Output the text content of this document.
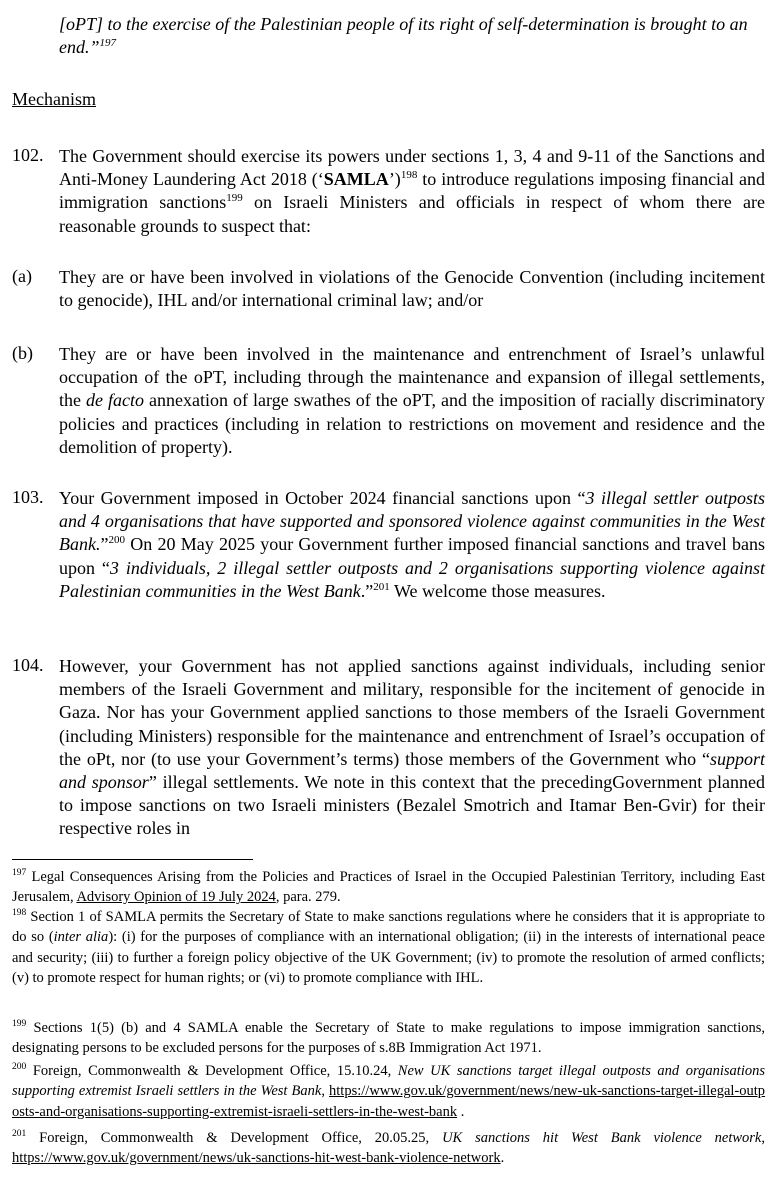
[oPT] to the exercise of the Palestinian people of its right of self-determination is brought to an end.”$^{197}$
Mechanism
102. The Government should exercise its powers under sections 1, 3, 4 and 9-11 of the Sanctions and Anti-Money Laundering Act 2018 (‘SAMLA’)$^{198}$ to introduce regulations imposing financial and immigration sanctions$^{199}$ on Israeli Ministers and officials in respect of whom there are reasonable grounds to suspect that:
(a) They are or have been involved in violations of the Genocide Convention (including incitement to genocide), IHL and/or international criminal law; and/or
(b) They are or have been involved in the maintenance and entrenchment of Israel’s unlawful occupation of the oPT, including through the maintenance and expansion of illegal settlements, the de facto annexation of large swathes of the oPT, and the imposition of racially discriminatory policies and practices (including in relation to restrictions on movement and residence and the demolition of property).
103. Your Government imposed in October 2024 financial sanctions upon “3 illegal settler outposts and 4 organisations that have supported and sponsored violence against communities in the West Bank.”$^{200}$ On 20 May 2025 your Government further imposed financial sanctions and travel bans upon “3 individuals, 2 illegal settler outposts and 2 organisations supporting violence against Palestinian communities in the West Bank.”$^{201}$ We welcome those measures.
104. However, your Government has not applied sanctions against individuals, including senior members of the Israeli Government and military, responsible for the incitement of genocide in Gaza. Nor has your Government applied sanctions to those members of the Israeli Government (including Ministers) responsible for the maintenance and entrenchment of Israel’s occupation of the oPt, nor (to use your Government’s terms) those members of the Government who “support and sponsor” illegal settlements. We note in this context that the precedingGovernment planned to impose sanctions on two Israeli ministers (Bezalel Smotrich and Itamar Ben-Gvir) for their respective roles in
$^{197}$ Legal Consequences Arising from the Policies and Practices of Israel in the Occupied Palestinian Territory, including East Jerusalem, Advisory Opinion of 19 July 2024, para. 279.
$^{198}$ Section 1 of SAMLA permits the Secretary of State to make sanctions regulations where he considers that it is appropriate to do so (inter alia): (i) for the purposes of compliance with an international obligation; (ii) in the interests of international peace and security; (iii) to further a foreign policy objective of the UK Government; (iv) to promote the resolution of armed conflicts; (v) to promote respect for human rights; or (vi) to promote compliance with IHL.
$^{199}$ Sections 1(5) (b) and 4 SAMLA enable the Secretary of State to make regulations to impose immigration sanctions, designating persons to be excluded persons for the purposes of s.8B Immigration Act 1971.
$^{200}$ Foreign, Commonwealth & Development Office, 15.10.24, New UK sanctions target illegal outposts and organisations supporting extremist Israeli settlers in the West Bank, https://www.gov.uk/government/news/new-uk-sanctions-target-illegal-outposts-and-organisations-supporting-extremist-israeli-settlers-in-the-west-bank .
$^{201}$ Foreign, Commonwealth & Development Office, 20.05.25, UK sanctions hit West Bank violence network, https://www.gov.uk/government/news/uk-sanctions-hit-west-bank-violence-network.
